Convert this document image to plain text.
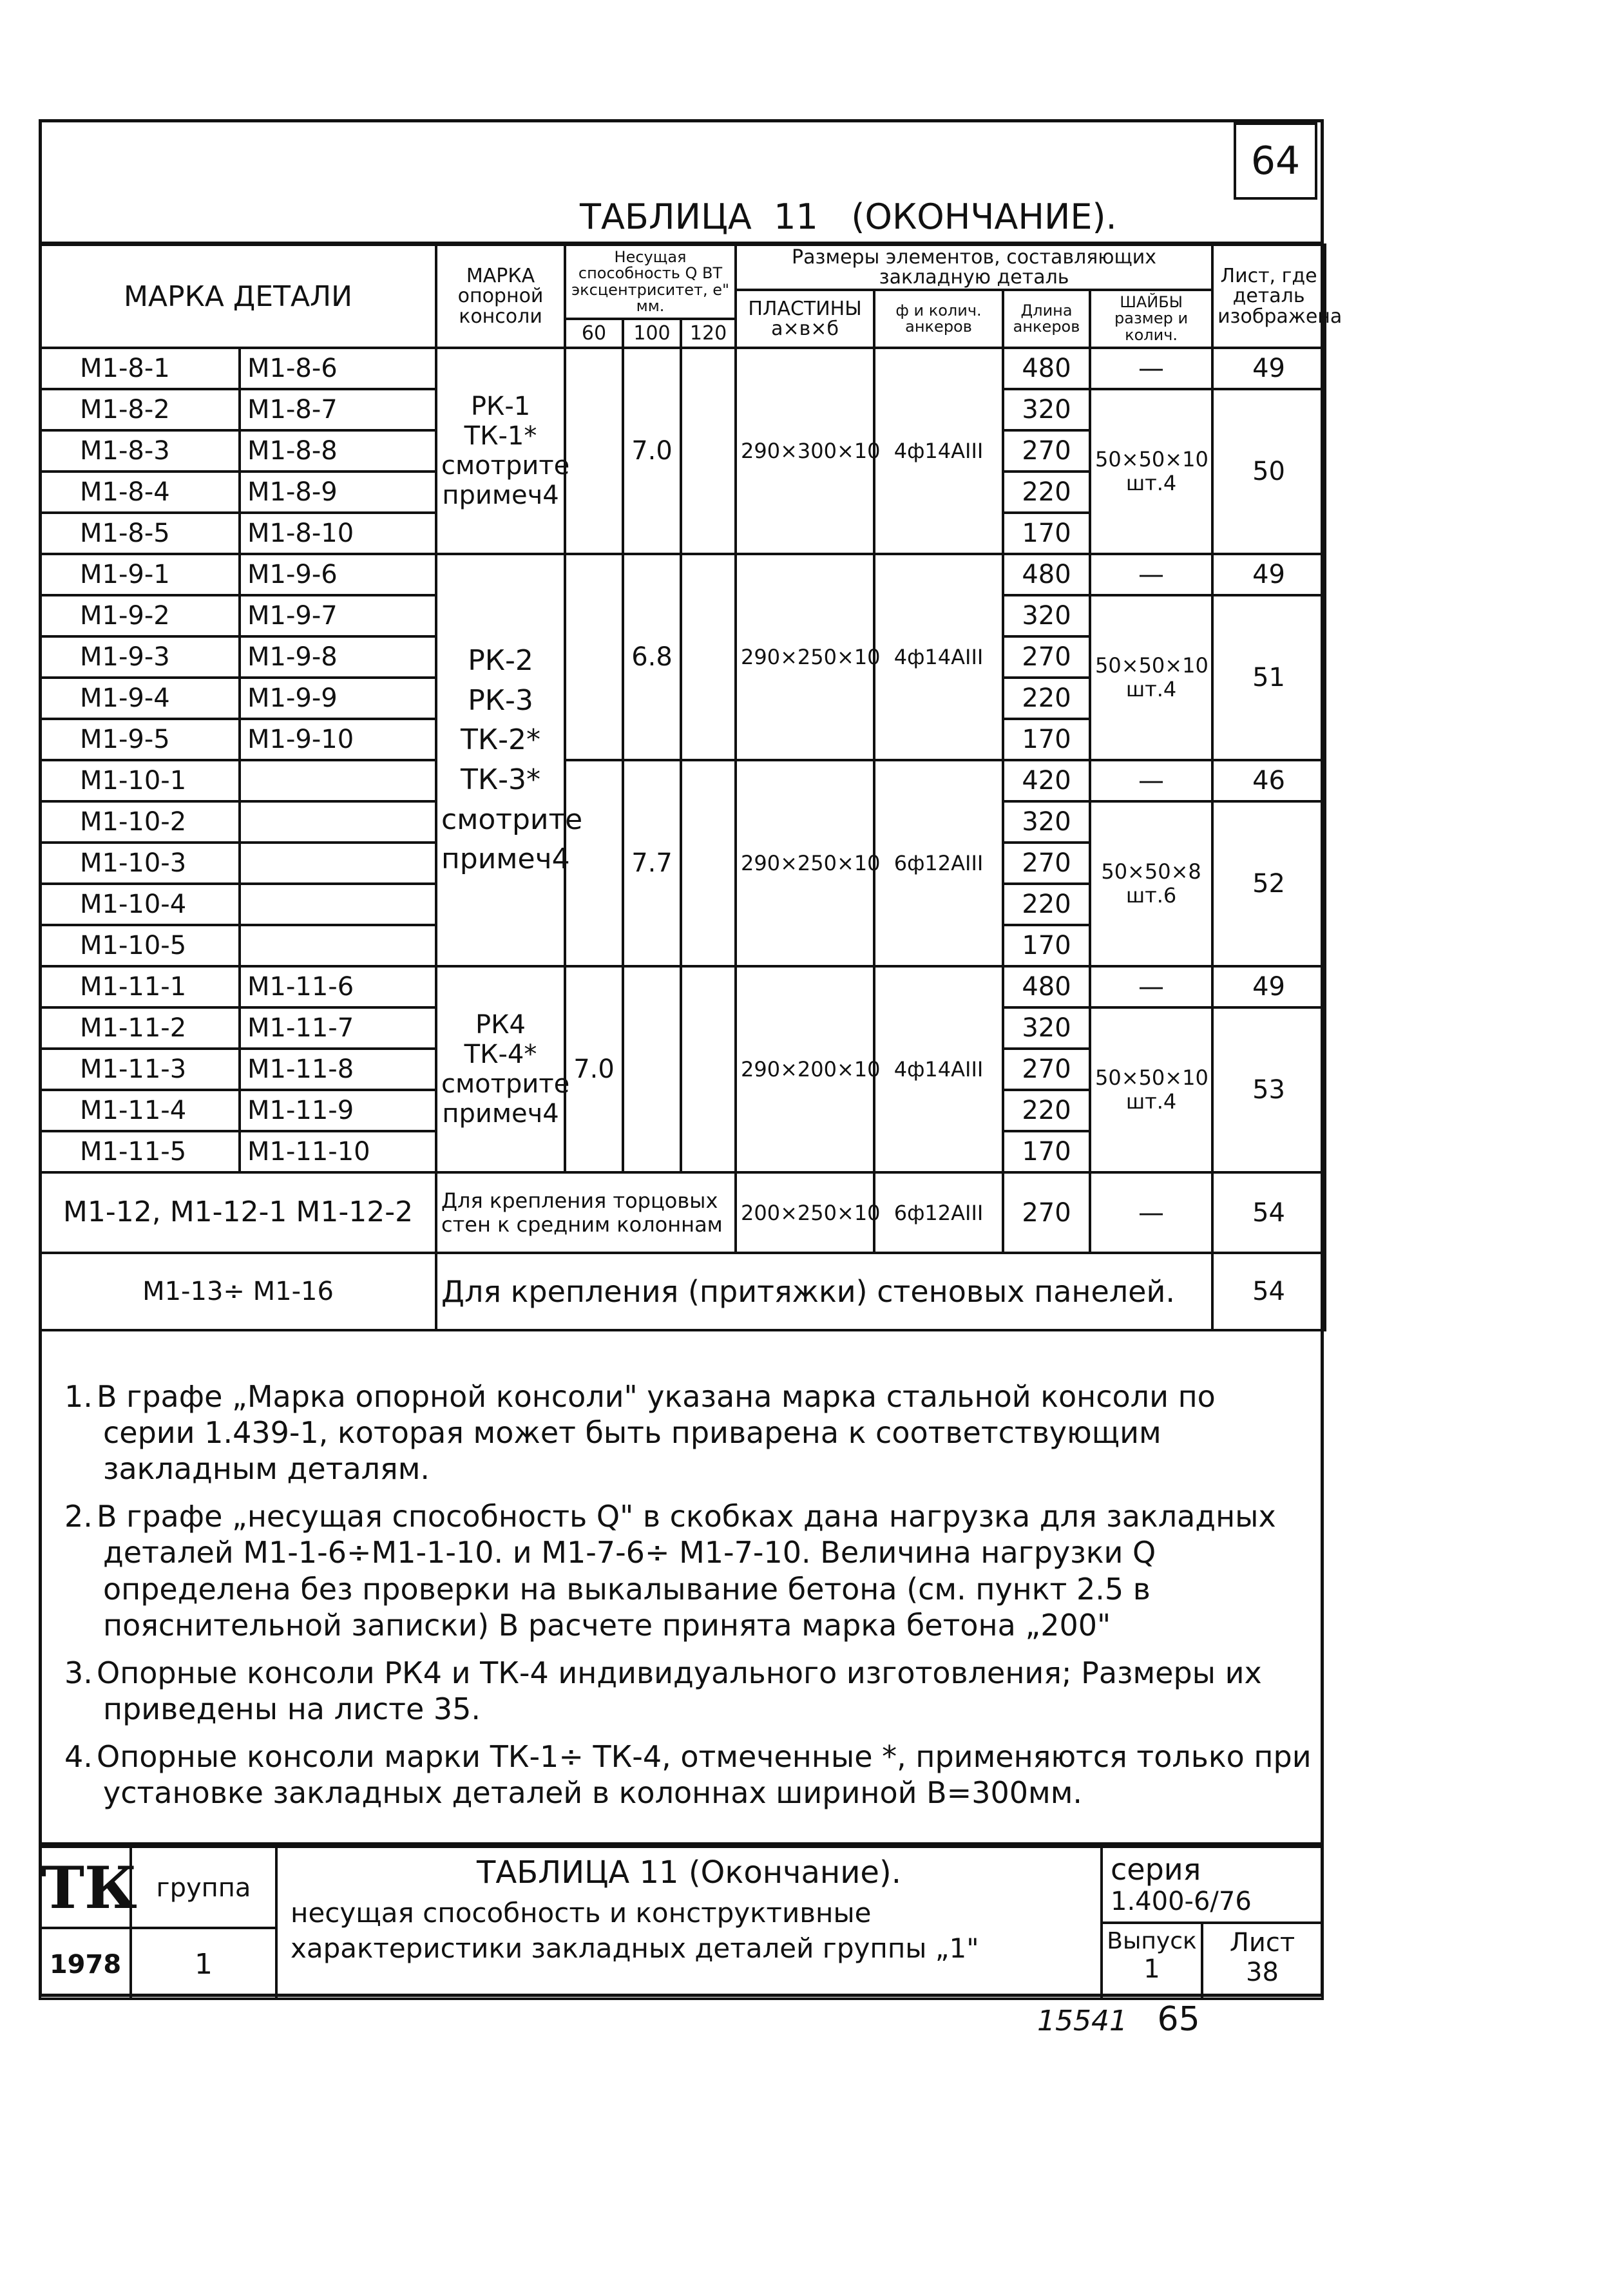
64
ТАБЛИЦА  11   (ОКОНЧАНИЕ).
МАРКА ДЕТАЛИ		МАРКА опорной консоли	Несущая способность Q ВТ эксцентриситет, е" мм.			Размеры элементов, составляющих закладную деталь				Лист, где деталь изображена
						ПЛАСТИНЫ а×в×б	ф и колич. анкеров	Длина анкеров	ШАЙБЫ размер и колич.	
			60	100	120					
М1-8-1	М1-8-6	РК-1 ТК-1* смотрите примеч4		7.0		290×300×10	4ф14АIII	480	—	49
М1-8-2	М1-8-7							320	50×50×10 шт.4	50
М1-8-3	М1-8-8							270		
М1-8-4	М1-8-9							220		
М1-8-5	М1-8-10							170		
М1-9-1	М1-9-6	РК-2 РК-3 ТК-2* ТК-3* смотрите примеч4		6.8		290×250×10	4ф14АIII	480	—	49
М1-9-2	М1-9-7							320	50×50×10 шт.4	51
М1-9-3	М1-9-8							270		
М1-9-4	М1-9-9							220		
М1-9-5	М1-9-10							170		
М1-10-1				7.7		290×250×10	6ф12АIII	420	—	46
М1-10-2								320	50×50×8 шт.6	52
М1-10-3								270		
М1-10-4								220		
М1-10-5								170		
М1-11-1	М1-11-6	РК4 ТК-4* смотрите примеч4	7.0			290×200×10	4ф14АIII	480	—	49
М1-11-2	М1-11-7							320	50×50×10 шт.4	53
М1-11-3	М1-11-8							270		
М1-11-4	М1-11-9							220		
М1-11-5	М1-11-10							170		
М1-12, М1-12-1 М1-12-2		Для крепления торцовых стен к средним колоннам				200×250×10	6ф12АIII	270	—	54
М1-13÷ М1-16		Для крепления (притяжки) стеновых панелей.								54

1. В графе „Марка опорной консоли" указана марка стальной консоли по серии 1.439-1, которая может быть приварена к соответствующим закладным деталям.

2. В графе „несущая способность Q" в скобках дана нагрузка для закладных деталей М1-1-6÷М1-1-10. и М1-7-6÷ М1-7-10. Величина нагрузки Q определена без проверки на выкалывание бетона (см. пункт 2.5 в пояснительной записки) В расчете принята марка бетона „200"

3. Опорные консоли РК4 и ТК-4 индивидуального изготовления; Размеры их приведены на листе 35.

4. Опорные консоли марки ТК-1÷ ТК-4, отмеченные *, применяются только при установке закладных деталей в колоннах шириной В=300мм.

ТК группа
1978	1
ТАБЛИЦА 11 (Окончание).
несущая способность и конструктивные характеристики закладных деталей группы „1"
серия
1.400-6/76
Выпуск
1
Лист
38
15541 65
